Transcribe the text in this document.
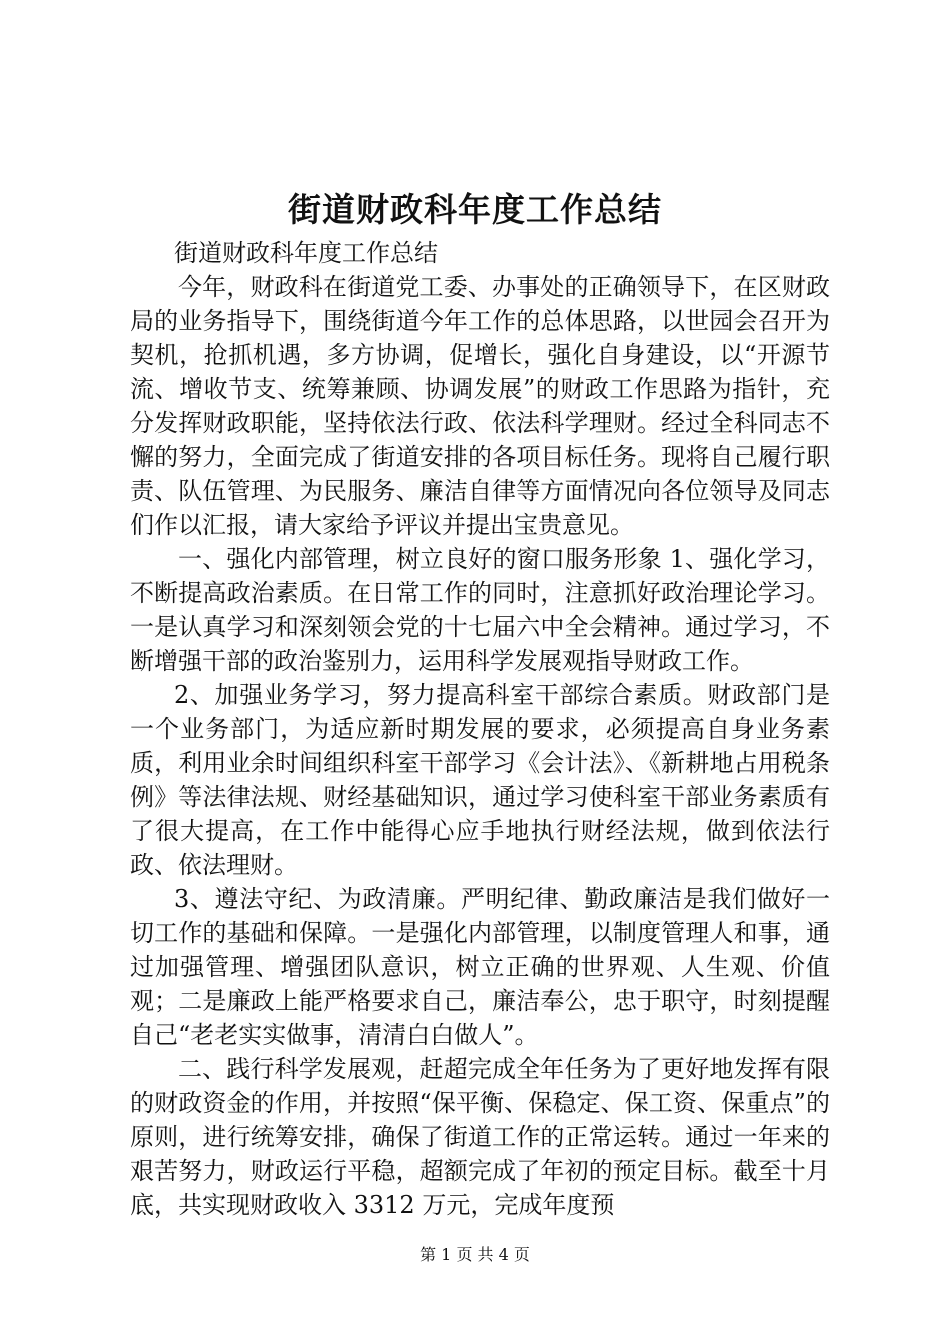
街道财政科年度工作总结

街道财政科年度工作总结

今年，财政科在街道党工委、办事处的正确领导下，在区财政局的业务指导下，围绕街道今年工作的总体思路，以世园会召开为契机，抢抓机遇，多方协调，促增长，强化自身建设，以“开源节流、增收节支、统筹兼顾、协调发展”的财政工作思路为指针，充分发挥财政职能，坚持依法行政、依法科学理财。经过全科同志不懈的努力，全面完成了街道安排的各项目标任务。现将自己履行职责、队伍管理、为民服务、廉洁自律等方面情况向各位领导及同志们作以汇报，请大家给予评议并提出宝贵意见。

一、强化内部管理，树立良好的窗口服务形象 1、强化学习，不断提高政治素质。在日常工作的同时，注意抓好政治理论学习。一是认真学习和深刻领会党的十七届六中全会精神。通过学习，不断增强干部的政治鉴别力，运用科学发展观指导财政工作。

2、加强业务学习，努力提高科室干部综合素质。财政部门是一个业务部门，为适应新时期发展的要求，必须提高自身业务素质，利用业余时间组织科室干部学习《会计法》、《新耕地占用税条例》等法律法规、财经基础知识，通过学习使科室干部业务素质有了很大提高，在工作中能得心应手地执行财经法规，做到依法行政、依法理财。

3、遵法守纪、为政清廉。严明纪律、勤政廉洁是我们做好一切工作的基础和保障。一是强化内部管理，以制度管理人和事，通过加强管理、增强团队意识，树立正确的世界观、人生观、价值观；二是廉政上能严格要求自己，廉洁奉公，忠于职守，时刻提醒自己“老老实实做事，清清白白做人”。

二、践行科学发展观，赶超完成全年任务为了更好地发挥有限的财政资金的作用，并按照“保平衡、保稳定、保工资、保重点”的原则，进行统筹安排，确保了街道工作的正常运转。通过一年来的艰苦努力，财政运行平稳，超额完成了年初的预定目标。截至十月底，共实现财政收入 3312 万元，完成年度预

第 1 页 共 4 页
